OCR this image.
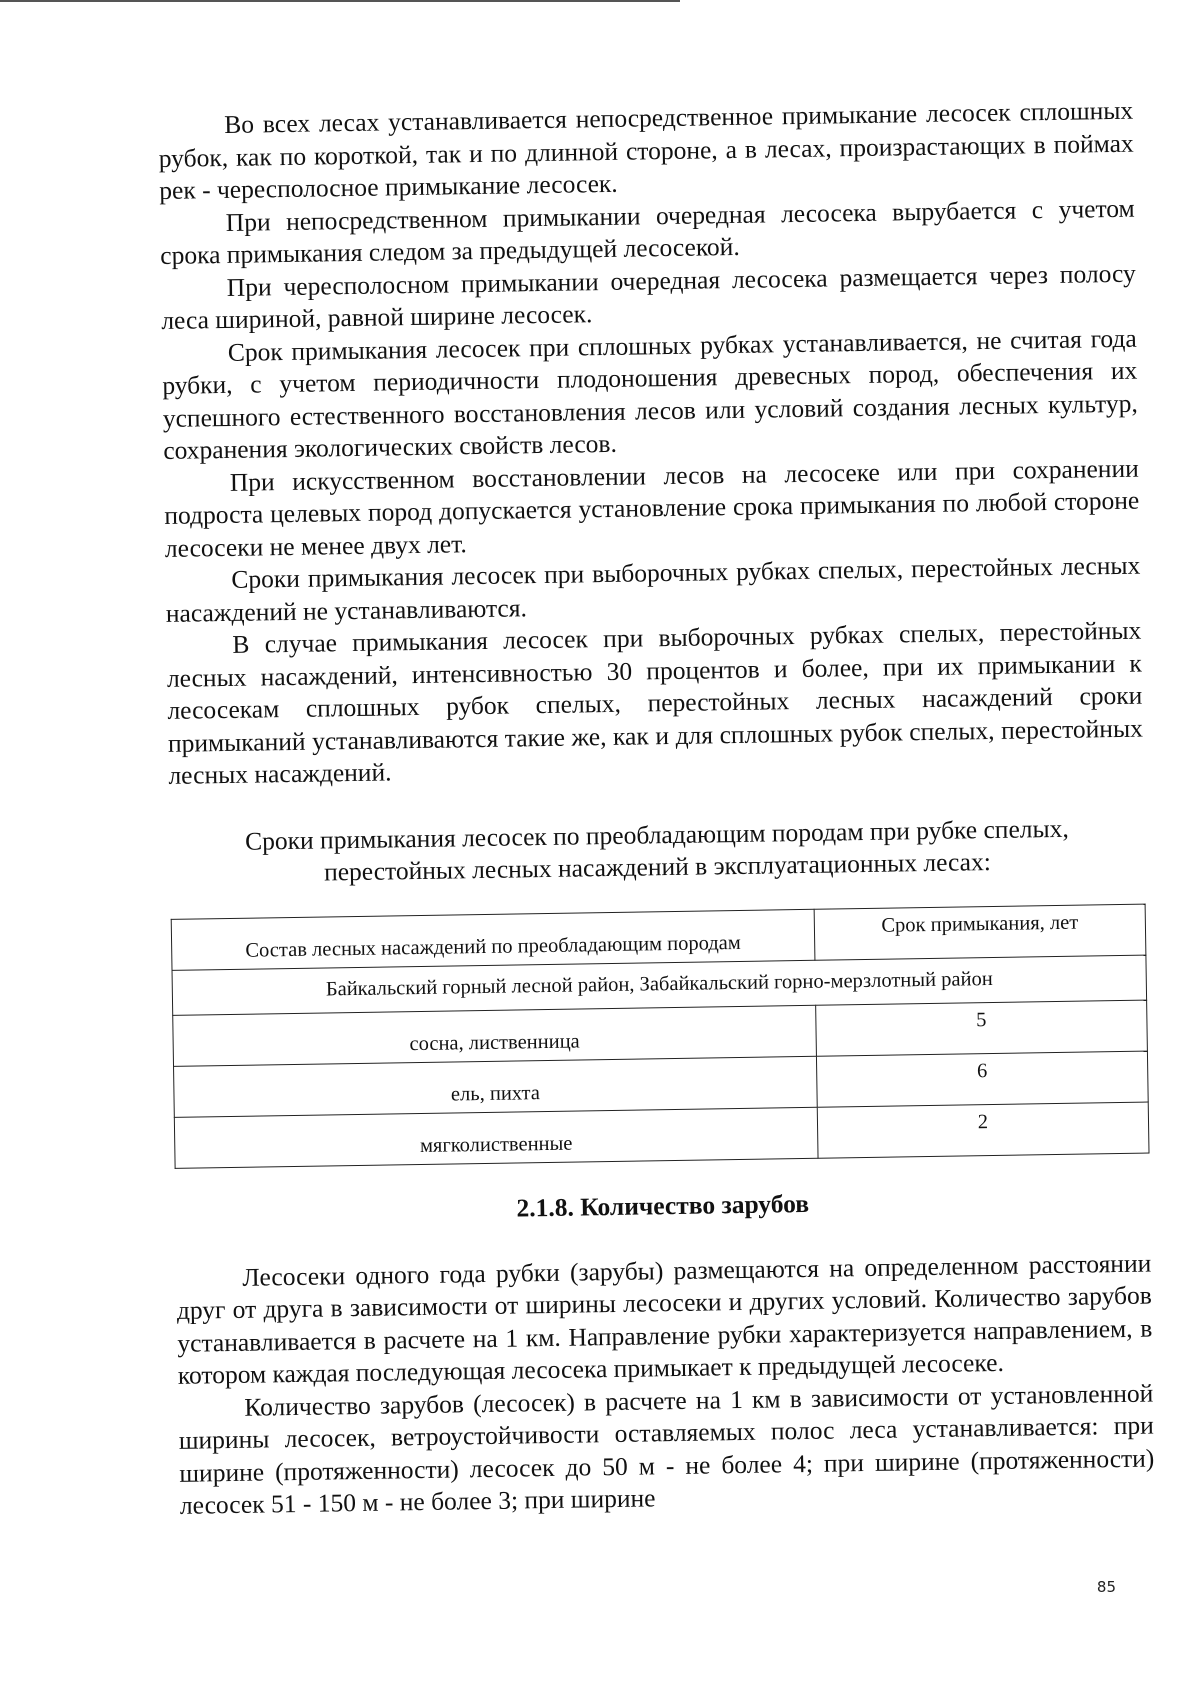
Во всех лесах устанавливается непосредственное примыкание лесосек сплошных рубок, как по короткой, так и по длинной стороне, а в лесах, произрастающих в поймах рек - чересполосное примыкание лесосек.

При непосредственном примыкании очередная лесосека вырубается с учетом срока примыкания следом за предыдущей лесосекой.

При чересполосном примыкании очередная лесосека размещается через полосу леса шириной, равной ширине лесосек.

Срок примыкания лесосек при сплошных рубках устанавливается, не считая года рубки, с учетом периодичности плодоношения древесных пород, обеспечения их успешного естественного восстановления лесов или условий создания лесных культур, сохранения экологических свойств лесов.

При искусственном восстановлении лесов на лесосеке или при сохранении подроста целевых пород допускается установление срока примыкания по любой стороне лесосеки не менее двух лет.

Сроки примыкания лесосек при выборочных рубках спелых, перестойных лесных насаждений не устанавливаются.

В случае примыкания лесосек при выборочных рубках спелых, перестойных лесных насаждений, интенсивностью 30 процентов и более, при их примыкании к лесосекам сплошных рубок спелых, перестойных лесных насаждений сроки примыканий устанавливаются такие же, как и для сплошных рубок спелых, перестойных лесных насаждений.

Сроки примыкания лесосек по преобладающим породам при рубке спелых, перестойных лесных насаждений в эксплуатационных лесах:
Состав лесных насаждений по преобладающим породам	Срок примыкания, лет
Байкальский горный лесной район, Забайкальский горно-мерзлотный район	
сосна, лиственница	5
ель, пихта	6
мягколиственные	2
2.1.8. Количество зарубов

Лесосеки одного года рубки (зарубы) размещаются на определенном расстоянии друг от друга в зависимости от ширины лесосеки и других условий. Количество зарубов устанавливается в расчете на 1 км. Направление рубки характеризуется направлением, в котором каждая последующая лесосека примыкает к предыдущей лесосеке.

Количество зарубов (лесосек) в расчете на 1 км в зависимости от установленной ширины лесосек, ветроустойчивости оставляемых полос леса устанавливается: при ширине (протяженности) лесосек до 50 м - не более 4; при ширине (протяженности) лесосек 51 - 150 м - не более 3; при ширине

85
